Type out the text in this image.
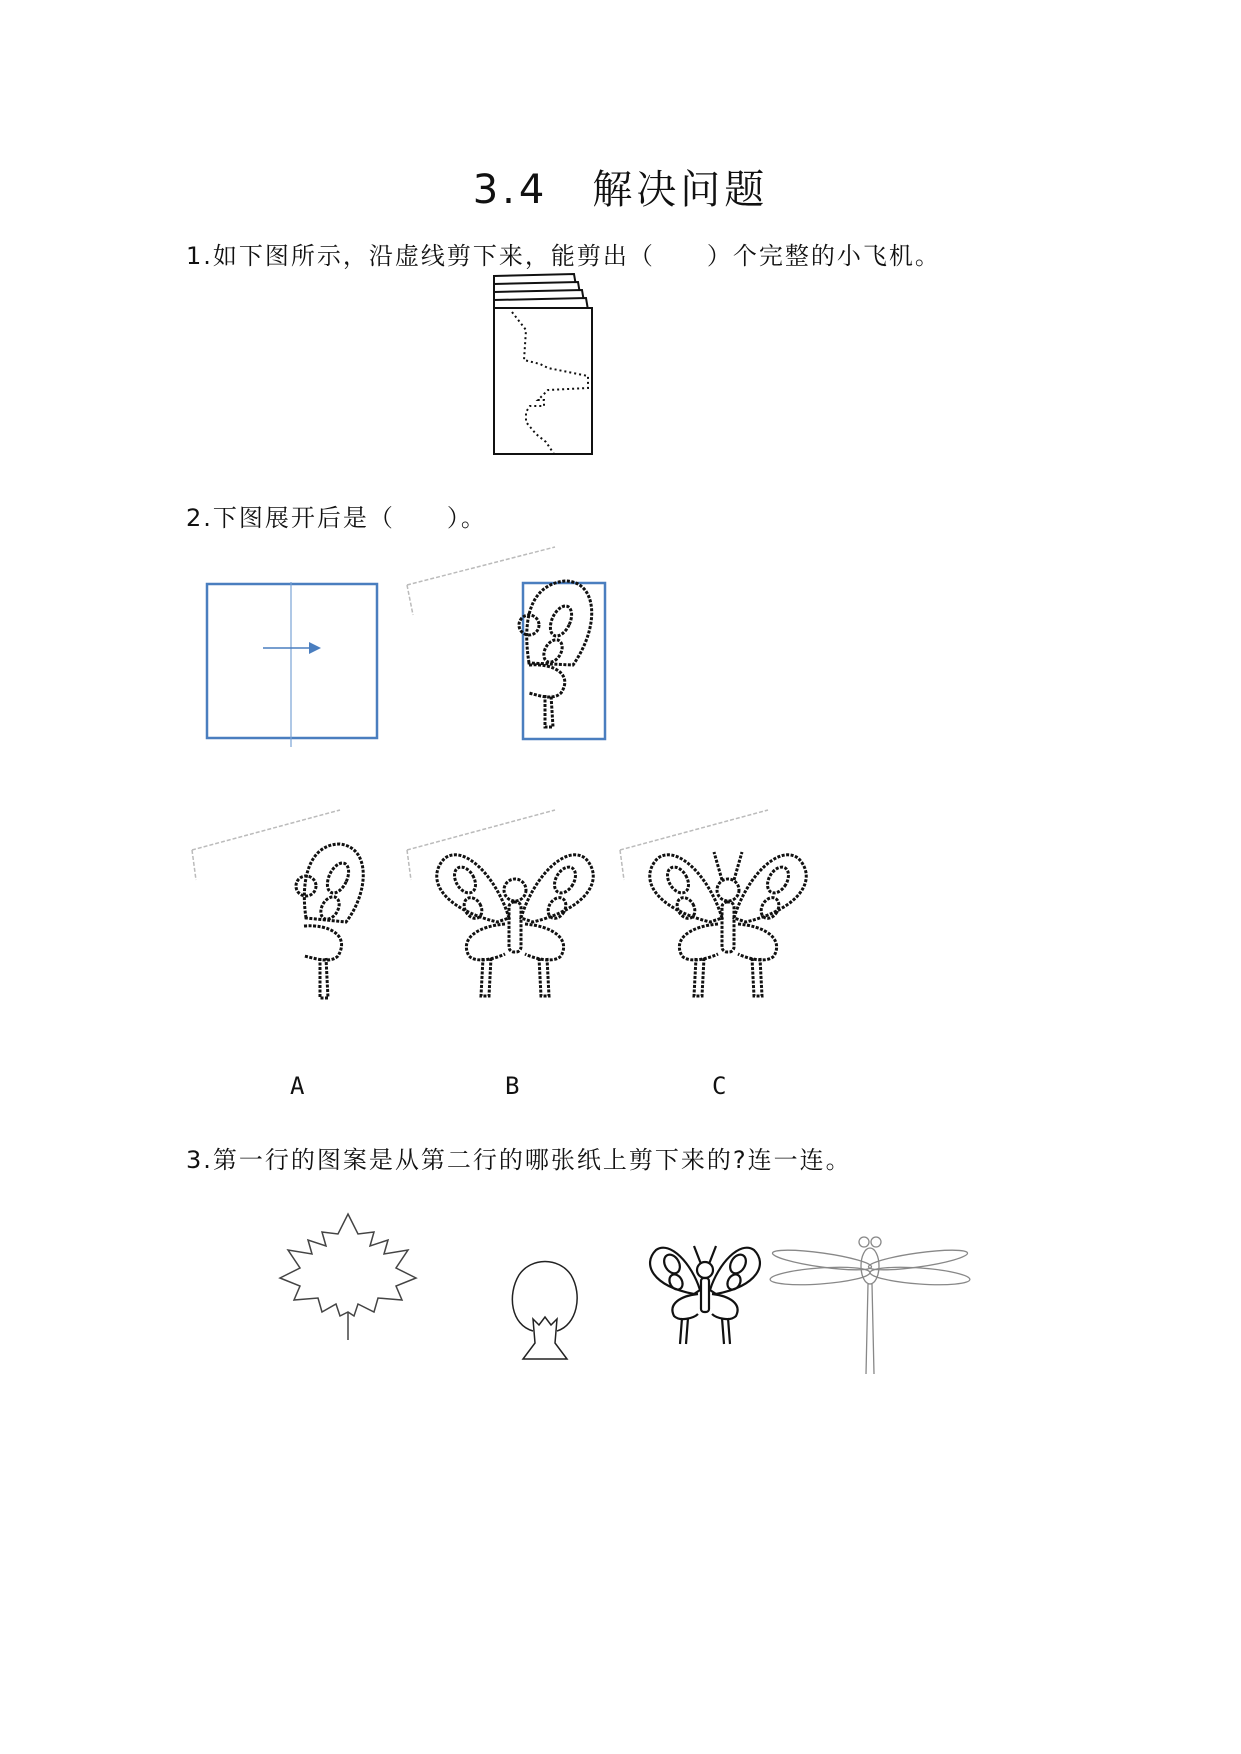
3.4　解决问题
1.如下图所示，沿虚线剪下来，能剪出（　　）个完整的小飞机。
2.下图展开后是（　　）。
A	B	C
3.第一行的图案是从第二行的哪张纸上剪下来的?连一连。
